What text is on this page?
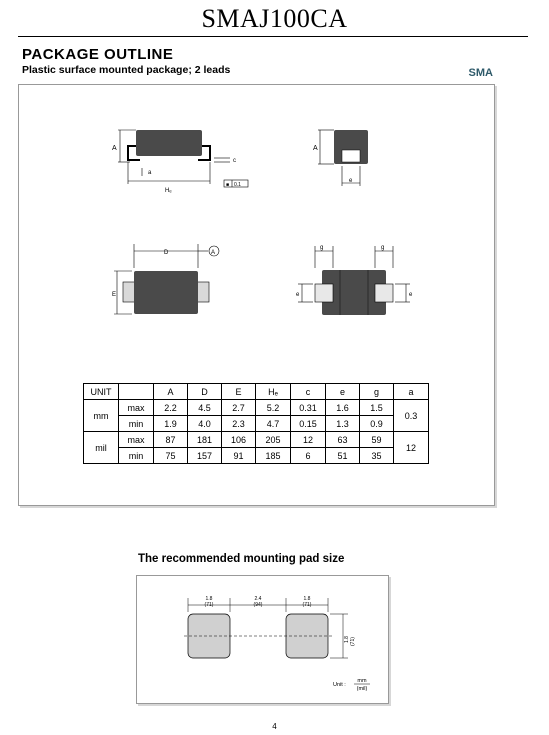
SMAJ100CA
PACKAGE OUTLINE
Plastic surface mounted package; 2 leads	SMA
A
Hₑ
a
c
■ 0.1
A
e
D	A
E
g	g
e	e
UNIT		A	D	E	Hₑ	c	e	g	a
mm	max	2.2	4.5	2.7	5.2	0.31	1.6	1.5	0.3
	min	1.9	4.0	2.3	4.7	0.15	1.3	0.9	
mil	max	87	181	106	205	12	63	59	12
	min	75	157	91	185	6	51	35	
The recommended mounting pad size
1.8
(71)
2.4
(94)
1.8
(71)
1.8 (71)
Unit :
mm
(mil)
4
